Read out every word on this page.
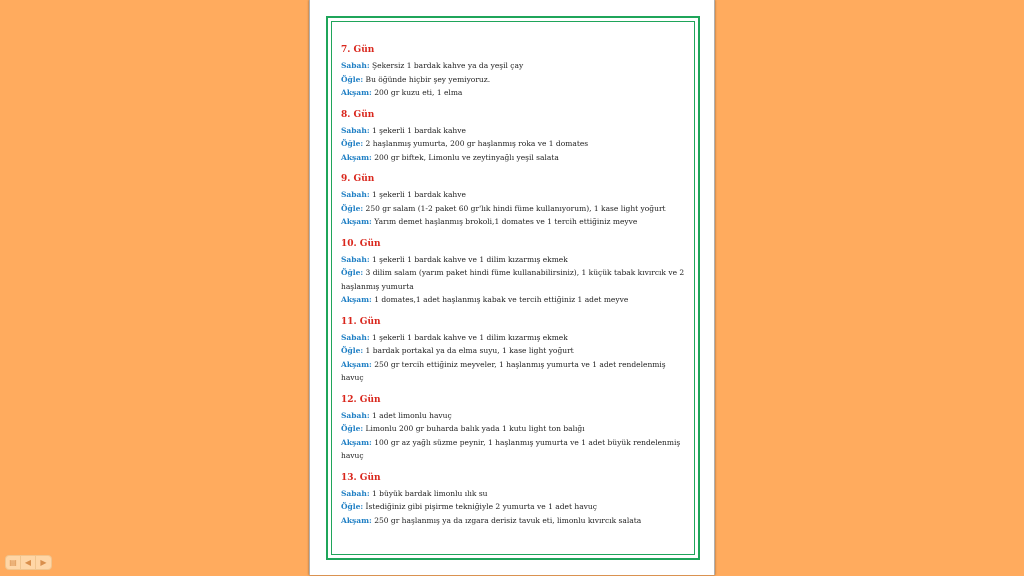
7. Gün
Sabah: Şekersiz 1 bardak kahve ya da yeşil çay
Öğle: Bu öğünde hiçbir şey yemiyoruz.
Akşam: 200 gr kuzu eti, 1 elma
8. Gün
Sabah: 1 şekerli 1 bardak kahve
Öğle: 2 haşlanmış yumurta, 200 gr haşlanmış roka ve 1 domates
Akşam: 200 gr biftek, Limonlu ve zeytinyağlı yeşil salata
9. Gün
Sabah: 1 şekerli 1 bardak kahve
Öğle: 250 gr salam (1-2 paket 60 gr'lık hindi füme kullanıyorum), 1 kase light yoğurt
Akşam: Yarım demet haşlanmış brokoli,1 domates ve 1 tercih ettiğiniz meyve
10. Gün
Sabah: 1 şekerli 1 bardak kahve ve 1 dilim kızarmış ekmek
Öğle: 3 dilim salam (yarım paket hindi füme kullanabilirsiniz), 1 küçük tabak kıvırcık ve 2 haşlanmış yumurta
Akşam: 1 domates,1 adet haşlanmış kabak ve tercih ettiğiniz 1 adet meyve
11. Gün
Sabah: 1 şekerli 1 bardak kahve ve 1 dilim kızarmış ekmek
Öğle: 1 bardak portakal ya da elma suyu, 1 kase light yoğurt
Akşam: 250 gr tercih ettiğiniz meyveler, 1 haşlanmış yumurta ve 1 adet rendelenmiş havuç
12. Gün
Sabah: 1 adet limonlu havuç
Öğle: Limonlu 200 gr buharda balık yada 1 kutu light ton balığı
Akşam: 100 gr az yağlı süzme peynir, 1 haşlanmış yumurta ve 1 adet büyük rendelenmiş havuç
13. Gün
Sabah: 1 büyük bardak limonlu ılık su
Öğle: İstediğiniz gibi pişirme tekniğiyle 2 yumurta ve 1 adet havuç
Akşam: 250 gr haşlanmış ya da ızgara derisiz tavuk eti, limonlu kıvırcık salata
▤	◀	▶
